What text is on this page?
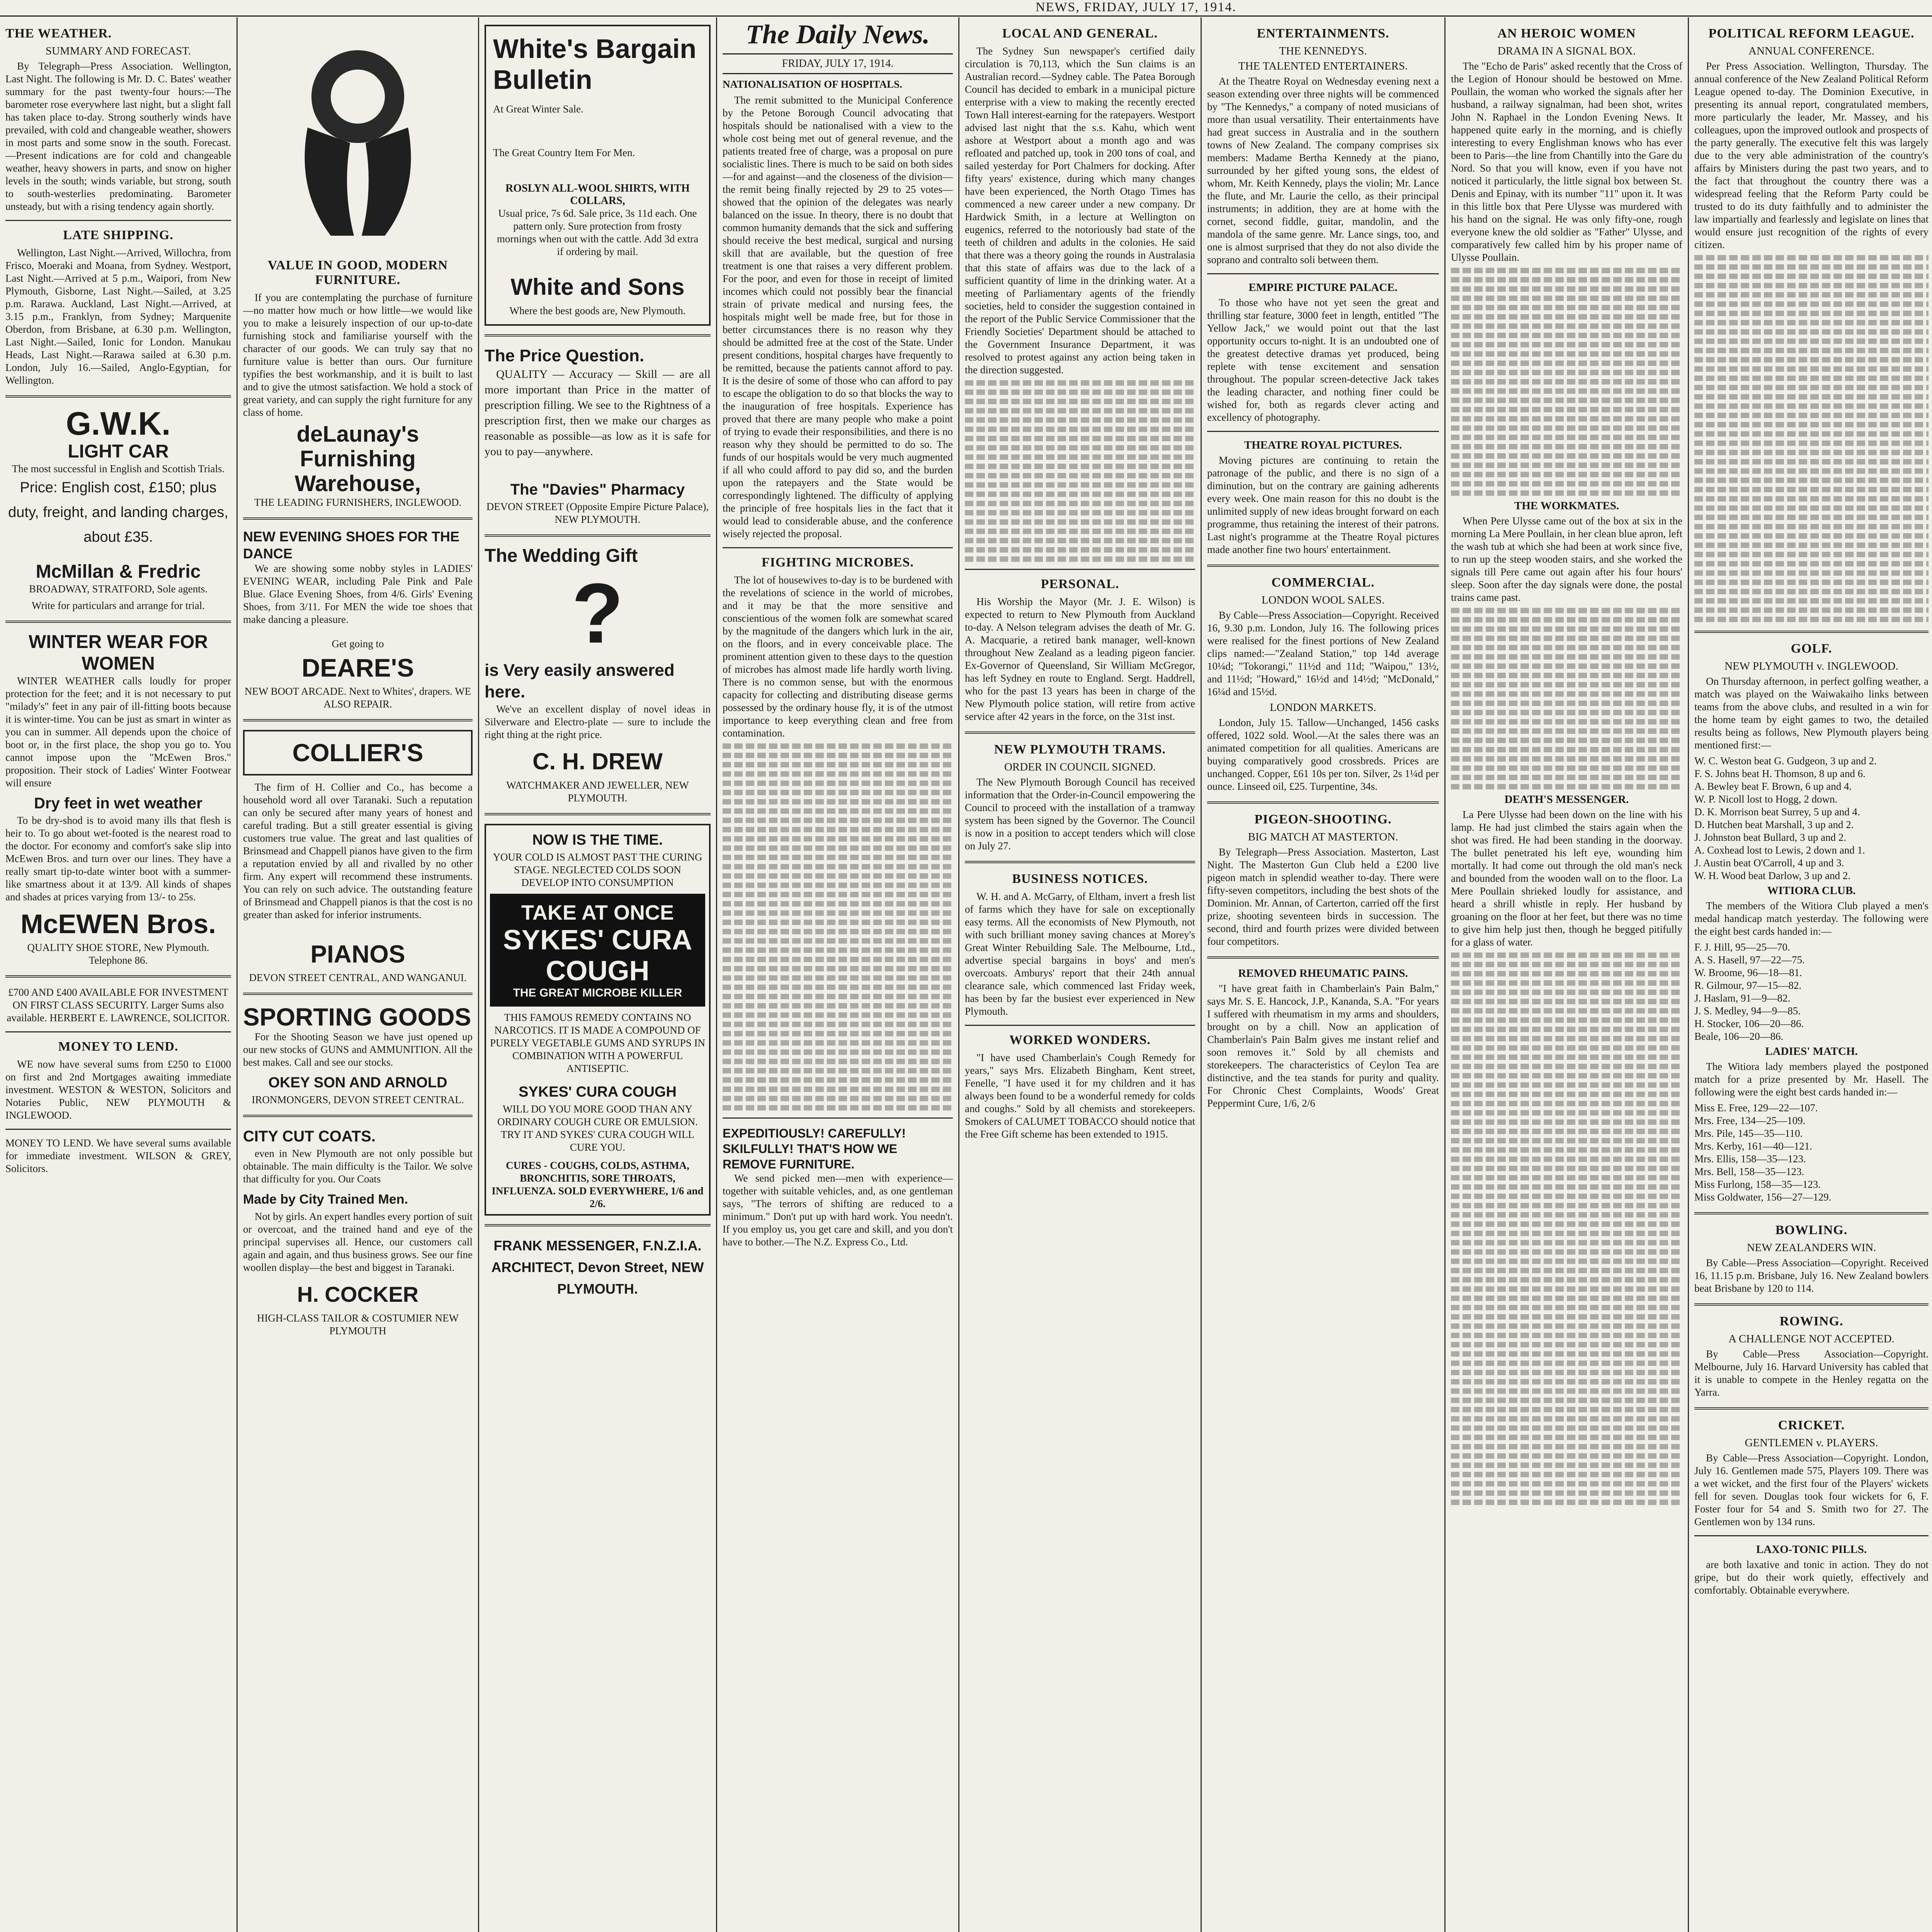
NEWS, FRIDAY, JULY 17, 1914.
THE WEATHER.
SUMMARY AND FORECAST.

By Telegraph—Press Association. Wellington, Last Night. The following is Mr. D. C. Bates' weather summary for the past twenty-four hours:—The barometer rose everywhere last night, but a slight fall has taken place to-day. Strong southerly winds have prevailed, with cold and changeable weather, showers in most parts and some snow in the south. Forecast.—Present indications are for cold and changeable weather, heavy showers in parts, and snow on higher levels in the south; winds variable, but strong, south to south-westerlies predominating. Barometer unsteady, but with a rising tendency again shortly.

LATE SHIPPING.

Wellington, Last Night.—Arrived, Willochra, from Frisco, Moeraki and Moana, from Sydney. Westport, Last Night.—Arrived at 5 p.m., Waipori, from New Plymouth, Gisborne, Last Night.—Sailed, at 3.25 p.m. Rarawa. Auckland, Last Night.—Arrived, at 3.15 p.m., Franklyn, from Sydney; Marquenite Oberdon, from Brisbane, at 6.30 p.m. Wellington, Last Night.—Sailed, Ionic for London. Manukau Heads, Last Night.—Rarawa sailed at 6.30 p.m. London, July 16.—Sailed, Anglo-Egyptian, for Wellington.

G.W.K.
LIGHT CAR
The most successful in English and Scottish Trials.
Price: English cost, £150; plus duty, freight, and landing charges, about £35.
McMillan & Fredric
BROADWAY, STRATFORD, Sole agents.
Write for particulars and arrange for trial.
WINTER WEAR FOR WOMEN

WINTER WEATHER calls loudly for proper protection for the feet; and it is not necessary to put "milady's" feet in any pair of ill-fitting boots because it is winter-time. You can be just as smart in winter as you can in summer. All depends upon the choice of boot or, in the first place, the shop you go to. You cannot impose upon the "McEwen Bros." proposition. Their stock of Ladies' Winter Footwear will ensure

Dry feet in wet weather

To be dry-shod is to avoid many ills that flesh is heir to. To go about wet-footed is the nearest road to the doctor. For economy and comfort's sake slip into McEwen Bros. and turn over our lines. They have a really smart tip-to-date winter boot with a summer-like smartness about it at 13/9. All kinds of shapes and shades at prices varying from 13/- to 25s.

McEWEN Bros.
QUALITY SHOE STORE, New Plymouth. Telephone 86.
£700 AND £400 AVAILABLE FOR INVESTMENT ON FIRST CLASS SECURITY. Larger Sums also available. HERBERT E. LAWRENCE, SOLICITOR.
MONEY TO LEND.

WE now have several sums from £250 to £1000 on first and 2nd Mortgages awaiting immediate investment. WESTON & WESTON, Solicitors and Notaries Public, NEW PLYMOUTH & INGLEWOOD.

MONEY TO LEND. We have several sums available for immediate investment. WILSON & GREY, Solicitors.
VALUE IN GOOD, MODERN FURNITURE.

If you are contemplating the purchase of furniture—no matter how much or how little—we would like you to make a leisurely inspection of our up-to-date furnishing stock and familiarise yourself with the character of our goods. We can truly say that no furniture value is better than ours. Our furniture typifies the best workmanship, and it is built to last and to give the utmost satisfaction. We hold a stock of great variety, and can supply the right furniture for any class of home.

deLaunay's Furnishing Warehouse,
THE LEADING FURNISHERS, INGLEWOOD.
NEW EVENING SHOES FOR THE DANCE

We are showing some nobby styles in LADIES' EVENING WEAR, including Pale Pink and Pale Blue. Glace Evening Shoes, from 4/6. Girls' Evening Shoes, from 3/11. For MEN the wide toe shoes that make dancing a pleasure.

Get going to
DEARE'S
NEW BOOT ARCADE. Next to Whites', drapers. WE ALSO REPAIR.
COLLIER'S

The firm of H. Collier and Co., has become a household word all over Taranaki. Such a reputation can only be secured after many years of honest and careful trading. But a still greater essential is giving customers true value. The great and last qualities of Brinsmead and Chappell pianos have given to the firm a reputation envied by all and rivalled by no other firm. Any expert will recommend these instruments. You can rely on such advice. The outstanding feature of Brinsmead and Chappell pianos is that the cost is no greater than asked for inferior instruments.

PIANOS
DEVON STREET CENTRAL, AND WANGANUI.
SPORTING GOODS

For the Shooting Season we have just opened up our new stocks of GUNS and AMMUNITION. All the best makes. Call and see our stocks.

OKEY SON AND ARNOLD
IRONMONGERS, DEVON STREET CENTRAL.
CITY CUT COATS.

even in New Plymouth are not only possible but obtainable. The main difficulty is the Tailor. We solve that difficulty for you. Our Coats

Made by City Trained Men.

Not by girls. An expert handles every portion of suit or overcoat, and the trained hand and eye of the principal supervises all. Hence, our customers call again and again, and thus business grows. See our fine woollen display—the best and biggest in Taranaki.

H. COCKER
HIGH-CLASS TAILOR & COSTUMIER NEW PLYMOUTH
White's Bargain Bulletin
At Great Winter Sale.
The Great Country Item For Men.
ROSLYN ALL-WOOL SHIRTS, WITH COLLARS,
Usual price, 7s 6d. Sale price, 3s 11d each. One pattern only. Sure protection from frosty mornings when out with the cattle. Add 3d extra if ordering by mail.
White and Sons
Where the best goods are, New Plymouth.
The Price Question.

QUALITY — Accuracy — Skill — are all more important than Price in the matter of prescription filling. We see to the Rightness of a prescription first, then we make our charges as reasonable as possible—as low as it is safe for you to pay—anywhere.

The "Davies" Pharmacy
DEVON STREET (Opposite Empire Picture Palace), NEW PLYMOUTH.
The Wedding Gift
?
is Very easily answered here.

We've an excellent display of novel ideas in Silverware and Electro-plate — sure to include the right thing at the right price.

C. H. DREW
WATCHMAKER AND JEWELLER, NEW PLYMOUTH.
NOW IS THE TIME.
YOUR COLD IS ALMOST PAST THE CURING STAGE. NEGLECTED COLDS SOON DEVELOP INTO CONSUMPTION
TAKE AT ONCE
SYKES' CURA COUGH
THE GREAT MICROBE KILLER
THIS FAMOUS REMEDY CONTAINS NO NARCOTICS. IT IS MADE A COMPOUND OF PURELY VEGETABLE GUMS AND SYRUPS IN COMBINATION WITH A POWERFUL ANTISEPTIC.
SYKES' CURA COUGH
WILL DO YOU MORE GOOD THAN ANY ORDINARY COUGH CURE OR EMULSION. TRY IT AND SYKES' CURA COUGH WILL CURE YOU.
CURES - COUGHS, COLDS, ASTHMA, BRONCHITIS, SORE THROATS, INFLUENZA. SOLD EVERYWHERE, 1/6 and 2/6.
FRANK MESSENGER, F.N.Z.I.A. ARCHITECT, Devon Street, NEW PLYMOUTH.
The Daily News.
FRIDAY, JULY 17, 1914.

NATIONALISATION OF HOSPITALS.

The remit submitted to the Municipal Conference by the Petone Borough Council advocating that hospitals should be nationalised with a view to the whole cost being met out of general revenue, and the patients treated free of charge, was a proposal on pure socialistic lines. There is much to be said on both sides—for and against—and the closeness of the division—the remit being finally rejected by 29 to 25 votes—showed that the opinion of the delegates was nearly balanced on the issue. In theory, there is no doubt that common humanity demands that the sick and suffering should receive the best medical, surgical and nursing skill that are available, but the question of free treatment is one that raises a very different problem. For the poor, and even for those in receipt of limited incomes which could not possibly bear the financial strain of private medical and nursing fees, the hospitals might well be made free, but for those in better circumstances there is no reason why they should be admitted free at the cost of the State. Under present conditions, hospital charges have frequently to be remitted, because the patients cannot afford to pay. It is the desire of some of those who can afford to pay to escape the obligation to do so that blocks the way to the inauguration of free hospitals. Experience has proved that there are many people who make a point of trying to evade their responsibilities, and there is no reason why they should be permitted to do so. The funds of our hospitals would be very much augmented if all who could afford to pay did so, and the burden upon the ratepayers and the State would be correspondingly lightened. The difficulty of applying the principle of free hospitals lies in the fact that it would lead to considerable abuse, and the conference wisely rejected the proposal.

FIGHTING MICROBES.

The lot of housewives to-day is to be burdened with the revelations of science in the world of microbes, and it may be that the more sensitive and conscientious of the women folk are somewhat scared by the magnitude of the dangers which lurk in the air, on the floors, and in every conceivable place. The prominent attention given to these days to the question of microbes has almost made life hardly worth living. There is no common sense, but with the enormous capacity for collecting and distributing disease germs possessed by the ordinary house fly, it is of the utmost importance to keep everything clean and free from contamination.

EXPEDITIOUSLY! CAREFULLY! SKILFULLY! THAT'S HOW WE REMOVE FURNITURE.

We send picked men—men with experience—together with suitable vehicles, and, as one gentleman says, "The terrors of shifting are reduced to a minimum." Don't put up with hard work. You needn't. If you employ us, you get care and skill, and you don't have to bother.—The N.Z. Express Co., Ltd.

LOCAL AND GENERAL.

The Sydney Sun newspaper's certified daily circulation is 70,113, which the Sun claims is an Australian record.—Sydney cable. The Patea Borough Council has decided to embark in a municipal picture enterprise with a view to making the recently erected Town Hall interest-earning for the ratepayers. Westport advised last night that the s.s. Kahu, which went ashore at Westport about a month ago and was refloated and patched up, took in 200 tons of coal, and sailed yesterday for Port Chalmers for docking. After fifty years' existence, during which many changes have been experienced, the North Otago Times has commenced a new career under a new company. Dr Hardwick Smith, in a lecture at Wellington on eugenics, referred to the notoriously bad state of the teeth of children and adults in the colonies. He said that there was a theory going the rounds in Australasia that this state of affairs was due to the lack of a sufficient quantity of lime in the drinking water. At a meeting of Parliamentary agents of the friendly societies, held to consider the suggestion contained in the report of the Public Service Commissioner that the Friendly Societies' Department should be attached to the Government Insurance Department, it was resolved to protest against any action being taken in the direction suggested.

PERSONAL.

His Worship the Mayor (Mr. J. E. Wilson) is expected to return to New Plymouth from Auckland to-day. A Nelson telegram advises the death of Mr. G. A. Macquarie, a retired bank manager, well-known throughout New Zealand as a leading pigeon fancier. Ex-Governor of Queensland, Sir William McGregor, has left Sydney en route to England. Sergt. Haddrell, who for the past 13 years has been in charge of the New Plymouth police station, will retire from active service after 42 years in the force, on the 31st inst.

NEW PLYMOUTH TRAMS.
ORDER IN COUNCIL SIGNED.

The New Plymouth Borough Council has received information that the Order-in-Council empowering the Council to proceed with the installation of a tramway system has been signed by the Governor. The Council is now in a position to accept tenders which will close on July 27.

BUSINESS NOTICES.

W. H. and A. McGarry, of Eltham, invert a fresh list of farms which they have for sale on exceptionally easy terms. All the economists of New Plymouth, not with such brilliant money saving chances at Morey's Great Winter Rebuilding Sale. The Melbourne, Ltd., advertise special bargains in boys' and men's overcoats. Amburys' report that their 24th annual clearance sale, which commenced last Friday week, has been by far the busiest ever experienced in New Plymouth.

WORKED WONDERS.

"I have used Chamberlain's Cough Remedy for years," says Mrs. Elizabeth Bingham, Kent street, Fenelle, "I have used it for my children and it has always been found to be a wonderful remedy for colds and coughs." Sold by all chemists and storekeepers. Smokers of CALUMET TOBACCO should notice that the Free Gift scheme has been extended to 1915.

ENTERTAINMENTS.
THE KENNEDYS.
THE TALENTED ENTERTAINERS.

At the Theatre Royal on Wednesday evening next a season extending over three nights will be commenced by "The Kennedys," a company of noted musicians of more than usual versatility. Their entertainments have had great success in Australia and in the southern towns of New Zealand. The company comprises six members: Madame Bertha Kennedy at the piano, surrounded by her gifted young sons, the eldest of whom, Mr. Keith Kennedy, plays the violin; Mr. Lance the flute, and Mr. Laurie the cello, as their principal instruments; in addition, they are at home with the cornet, second fiddle, guitar, mandolin, and the mandola of the same genre. Mr. Lance sings, too, and one is almost surprised that they do not also divide the soprano and contralto soli between them.

EMPIRE PICTURE PALACE.

To those who have not yet seen the great and thrilling star feature, 3000 feet in length, entitled "The Yellow Jack," we would point out that the last opportunity occurs to-night. It is an undoubted one of the greatest detective dramas yet produced, being replete with tense excitement and sensation throughout. The popular screen-detective Jack takes the leading character, and nothing finer could be wished for, both as regards clever acting and excellency of photography.

THEATRE ROYAL PICTURES.

Moving pictures are continuing to retain the patronage of the public, and there is no sign of a diminution, but on the contrary are gaining adherents every week. One main reason for this no doubt is the unlimited supply of new ideas brought forward on each programme, thus retaining the interest of their patrons. Last night's programme at the Theatre Royal pictures made another fine two hours' entertainment.

COMMERCIAL.
LONDON WOOL SALES.

By Cable—Press Association—Copyright. Received 16, 9.30 p.m. London, July 16. The following prices were realised for the finest portions of New Zealand clips named:—"Zealand Station," top 14d average 10¼d; "Tokorangi," 11½d and 11d; "Waipou," 13½, and 11½d; "Howard," 16½d and 14½d; "McDonald," 16¼d and 15½d.

LONDON MARKETS.

London, July 15. Tallow—Unchanged, 1456 casks offered, 1022 sold. Wool.—At the sales there was an animated competition for all qualities. Americans are buying comparatively good crossbreds. Prices are unchanged. Copper, £61 10s per ton. Silver, 2s 1¼d per ounce. Linseed oil, £25. Turpentine, 34s.

PIGEON-SHOOTING.
BIG MATCH AT MASTERTON.

By Telegraph—Press Association. Masterton, Last Night. The Masterton Gun Club held a £200 live pigeon match in splendid weather to-day. There were fifty-seven competitors, including the best shots of the Dominion. Mr. Annan, of Carterton, carried off the first prize, shooting seventeen birds in succession. The second, third and fourth prizes were divided between four competitors.

REMOVED RHEUMATIC PAINS.

"I have great faith in Chamberlain's Pain Balm," says Mr. S. E. Hancock, J.P., Kananda, S.A. "For years I suffered with rheumatism in my arms and shoulders, brought on by a chill. Now an application of Chamberlain's Pain Balm gives me instant relief and soon removes it." Sold by all chemists and storekeepers. The characteristics of Ceylon Tea are distinctive, and the tea stands for purity and quality. For Chronic Chest Complaints, Woods' Great Peppermint Cure, 1/6, 2/6

AN HEROIC WOMEN
DRAMA IN A SIGNAL BOX.

The "Echo de Paris" asked recently that the Cross of the Legion of Honour should be bestowed on Mme. Poullain, the woman who worked the signals after her husband, a railway signalman, had been shot, writes John N. Raphael in the London Evening News. It happened quite early in the morning, and is chiefly interesting to every Englishman knows who has ever been to Paris—the line from Chantilly into the Gare du Nord. So that you will know, even if you have not noticed it particularly, the little signal box between St. Denis and Epinay, with its number "11" upon it. It was in this little box that Pere Ulysse was murdered with his hand on the signal. He was only fifty-one, rough everyone knew the old soldier as "Father" Ulysse, and comparatively few called him by his proper name of Ulysse Poullain.

THE WORKMATES.

When Pere Ulysse came out of the box at six in the morning La Mere Poullain, in her clean blue apron, left the wash tub at which she had been at work since five, to run up the steep wooden stairs, and she worked the signals till Pere came out again after his four hours' sleep. Soon after the day signals were done, the postal trains came past.

DEATH'S MESSENGER.

La Pere Ulysse had been down on the line with his lamp. He had just climbed the stairs again when the shot was fired. He had been standing in the doorway. The bullet penetrated his left eye, wounding him mortally. It had come out through the old man's neck and bounded from the wooden wall on to the floor. La Mere Poullain shrieked loudly for assistance, and heard a shrill whistle in reply. Her husband by groaning on the floor at her feet, but there was no time to give him help just then, though he begged pitifully for a glass of water.

POLITICAL REFORM LEAGUE.
ANNUAL CONFERENCE.

Per Press Association. Wellington, Thursday. The annual conference of the New Zealand Political Reform League opened to-day. The Dominion Executive, in presenting its annual report, congratulated members, more particularly the leader, Mr. Massey, and his colleagues, upon the improved outlook and prospects of the party generally. The executive felt this was largely due to the very able administration of the country's affairs by Ministers during the past two years, and to the fact that throughout the country there was a widespread feeling that the Reform Party could be trusted to do its duty faithfully and to administer the law impartially and fearlessly and legislate on lines that would ensure just recognition of the rights of every citizen.

GOLF.
NEW PLYMOUTH v. INGLEWOOD.

On Thursday afternoon, in perfect golfing weather, a match was played on the Waiwakaiho links between teams from the above clubs, and resulted in a win for the home team by eight games to two, the detailed results being as follows, New Plymouth players being mentioned first:—

W. C. Weston beat G. Gudgeon, 3 up and 2.
F. S. Johns beat H. Thomson, 8 up and 6.
A. Bewley beat F. Brown, 6 up and 4.
W. P. Nicoll lost to Hogg, 2 down.
D. K. Morrison beat Surrey, 5 up and 4.
D. Hutchen beat Marshall, 3 up and 2.
J. Johnston beat Bullard, 3 up and 2.
A. Coxhead lost to Lewis, 2 down and 1.
J. Austin beat O'Carroll, 4 up and 3.
W. H. Wood beat Darlow, 3 up and 2.
WITIORA CLUB.

The members of the Witiora Club played a men's medal handicap match yesterday. The following were the eight best cards handed in:—

F. J. Hill, 95—25—70.
A. S. Hasell, 97—22—75.
W. Broome, 96—18—81.
R. Gilmour, 97—15—82.
J. Haslam, 91—9—82.
J. S. Medley, 94—9—85.
H. Stocker, 106—20—86.
Beale, 106—20—86.
LADIES' MATCH.

The Witiora lady members played the postponed match for a prize presented by Mr. Hasell. The following were the eight best cards handed in:—

Miss E. Free, 129—22—107.
Mrs. Free, 134—25—109.
Mrs. Pile, 145—35—110.
Mrs. Kerby, 161—40—121.
Mrs. Ellis, 158—35—123.
Mrs. Bell, 158—35—123.
Miss Furlong, 158—35—123.
Miss Goldwater, 156—27—129.
BOWLING.
NEW ZEALANDERS WIN.

By Cable—Press Association—Copyright. Received 16, 11.15 p.m. Brisbane, July 16. New Zealand bowlers beat Brisbane by 120 to 114.

ROWING.
A CHALLENGE NOT ACCEPTED.

By Cable—Press Association—Copyright. Melbourne, July 16. Harvard University has cabled that it is unable to compete in the Henley regatta on the Yarra.

CRICKET.
GENTLEMEN v. PLAYERS.

By Cable—Press Association—Copyright. London, July 16. Gentlemen made 575, Players 109. There was a wet wicket, and the first four of the Players' wickets fell for seven. Douglas took four wickets for 6, F. Foster four for 54 and S. Smith two for 27. The Gentlemen won by 134 runs.

LAXO-TONIC PILLS.

are both laxative and tonic in action. They do not gripe, but do their work quietly, effectively and comfortably. Obtainable everywhere.
